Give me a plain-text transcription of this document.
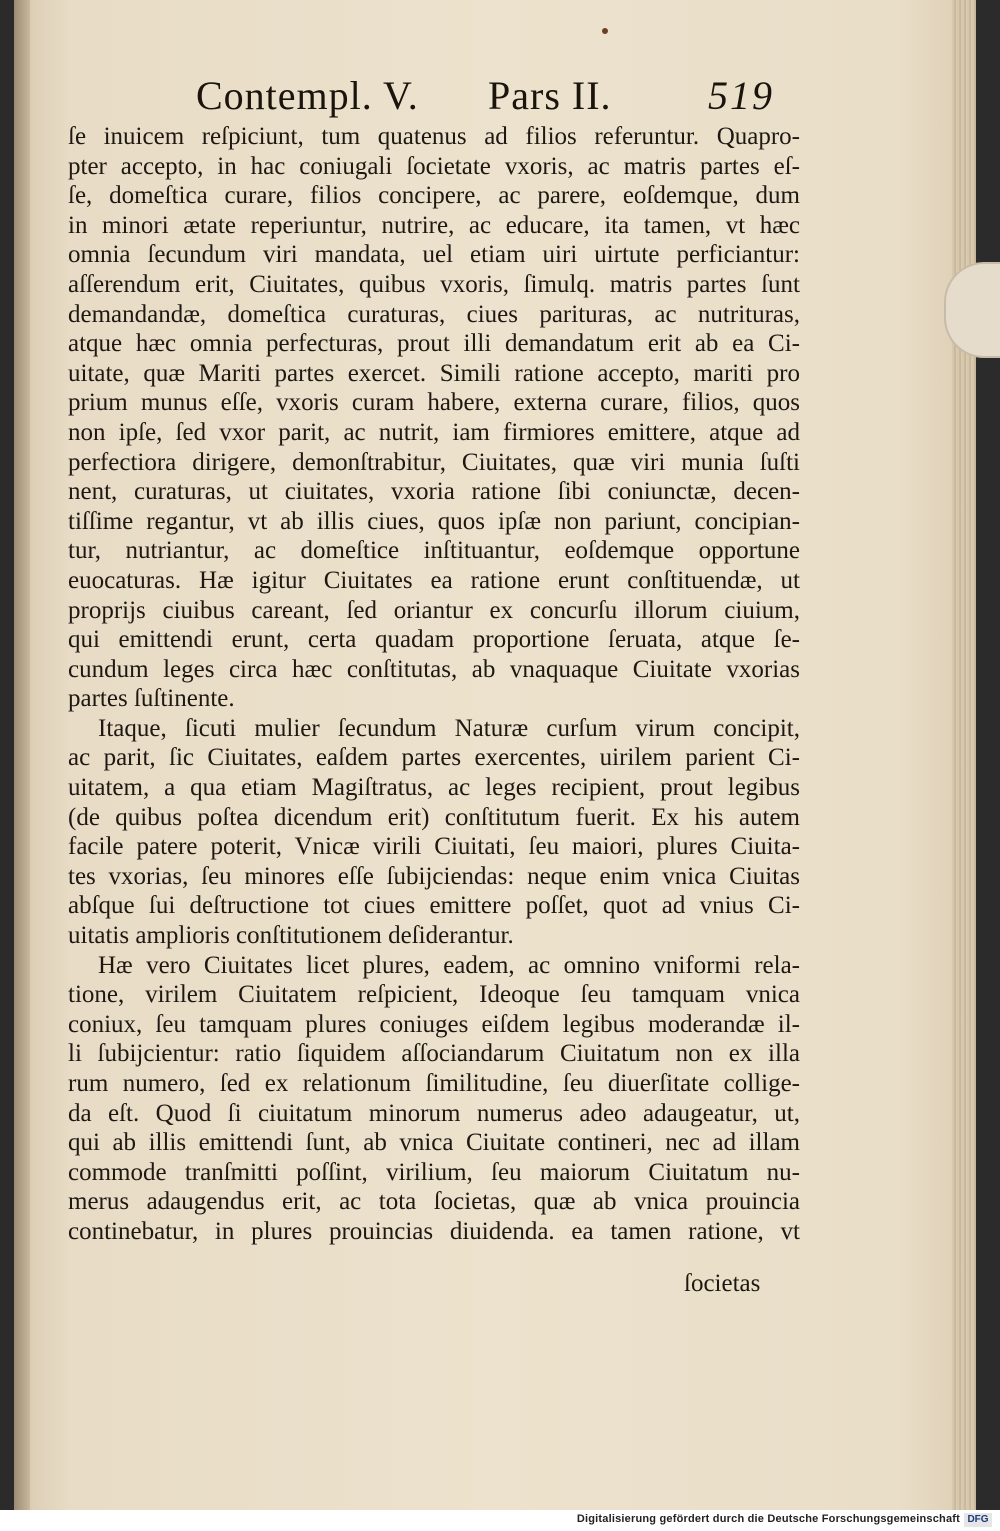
Contempl. V. Pars II. 519
ſe inuicem reſpiciunt, tum quatenus ad filios referuntur. Quapro-
pter accepto, in hac coniugali ſocietate vxoris, ac matris partes eſ-
ſe, domeſtica curare, filios concipere, ac parere, eoſdemque, dum
in minori ætate reperiuntur, nutrire, ac educare, ita tamen, vt hæc
omnia ſecundum viri mandata, uel etiam uiri uirtute perficiantur:
aſſerendum erit, Ciuitates, quibus vxoris, ſimulq. matris partes ſunt
demandandæ, domeſtica curaturas, ciues parituras, ac nutrituras,
atque hæc omnia perfecturas, prout illi demandatum erit ab ea Ci-
uitate, quæ Mariti partes exercet. Simili ratione accepto, mariti pro
prium munus eſſe, vxoris curam habere, externa curare, filios, quos
non ipſe, ſed vxor parit, ac nutrit, iam firmiores emittere, atque ad
perfectiora dirigere, demonſtrabitur, Ciuitates, quæ viri munia ſuſti
nent, curaturas, ut ciuitates, vxoria ratione ſibi coniunctæ, decen-
tiſſime regantur, vt ab illis ciues, quos ipſæ non pariunt, concipian-
tur, nutriantur, ac domeſtice inſtituantur, eoſdemque opportune
euocaturas. Hæ igitur Ciuitates ea ratione erunt conſtituendæ, ut
proprijs ciuibus careant, ſed oriantur ex concurſu illorum ciuium,
qui emittendi erunt, certa quadam proportione ſeruata, atque ſe-
cundum leges circa hæc conſtitutas, ab vnaquaque Ciuitate vxorias
partes ſuſtinente.
Itaque, ſicuti mulier ſecundum Naturæ curſum virum concipit,
ac parit, ſic Ciuitates, eaſdem partes exercentes, uirilem parient Ci-
uitatem, a qua etiam Magiſtratus, ac leges recipient, prout legibus
(de quibus poſtea dicendum erit) conſtitutum fuerit. Ex his autem
facile patere poterit, Vnicæ virili Ciuitati, ſeu maiori, plures Ciuita-
tes vxorias, ſeu minores eſſe ſubijciendas: neque enim vnica Ciuitas
abſque ſui deſtructione tot ciues emittere poſſet, quot ad vnius Ci-
uitatis amplioris conſtitutionem deſiderantur.
Hæ vero Ciuitates licet plures, eadem, ac omnino vniformi rela-
tione, virilem Ciuitatem reſpicient, Ideoque ſeu tamquam vnica
coniux, ſeu tamquam plures coniuges eiſdem legibus moderandæ il-
li ſubijcientur: ratio ſiquidem aſſociandarum Ciuitatum non ex illa
rum numero, ſed ex relationum ſimilitudine, ſeu diuerſitate collige-
da eſt. Quod ſi ciuitatum minorum numerus adeo adaugeatur, ut,
qui ab illis emittendi ſunt, ab vnica Ciuitate contineri, nec ad illam
commode tranſmitti poſſint, virilium, ſeu maiorum Ciuitatum nu-
merus adaugendus erit, ac tota ſocietas, quæ ab vnica prouincia
continebatur, in plures prouincias diuidenda. ea tamen ratione, vt
ſocietas
Digitalisierung gefördert durch die Deutsche Forschungsgemeinschaft DFG
